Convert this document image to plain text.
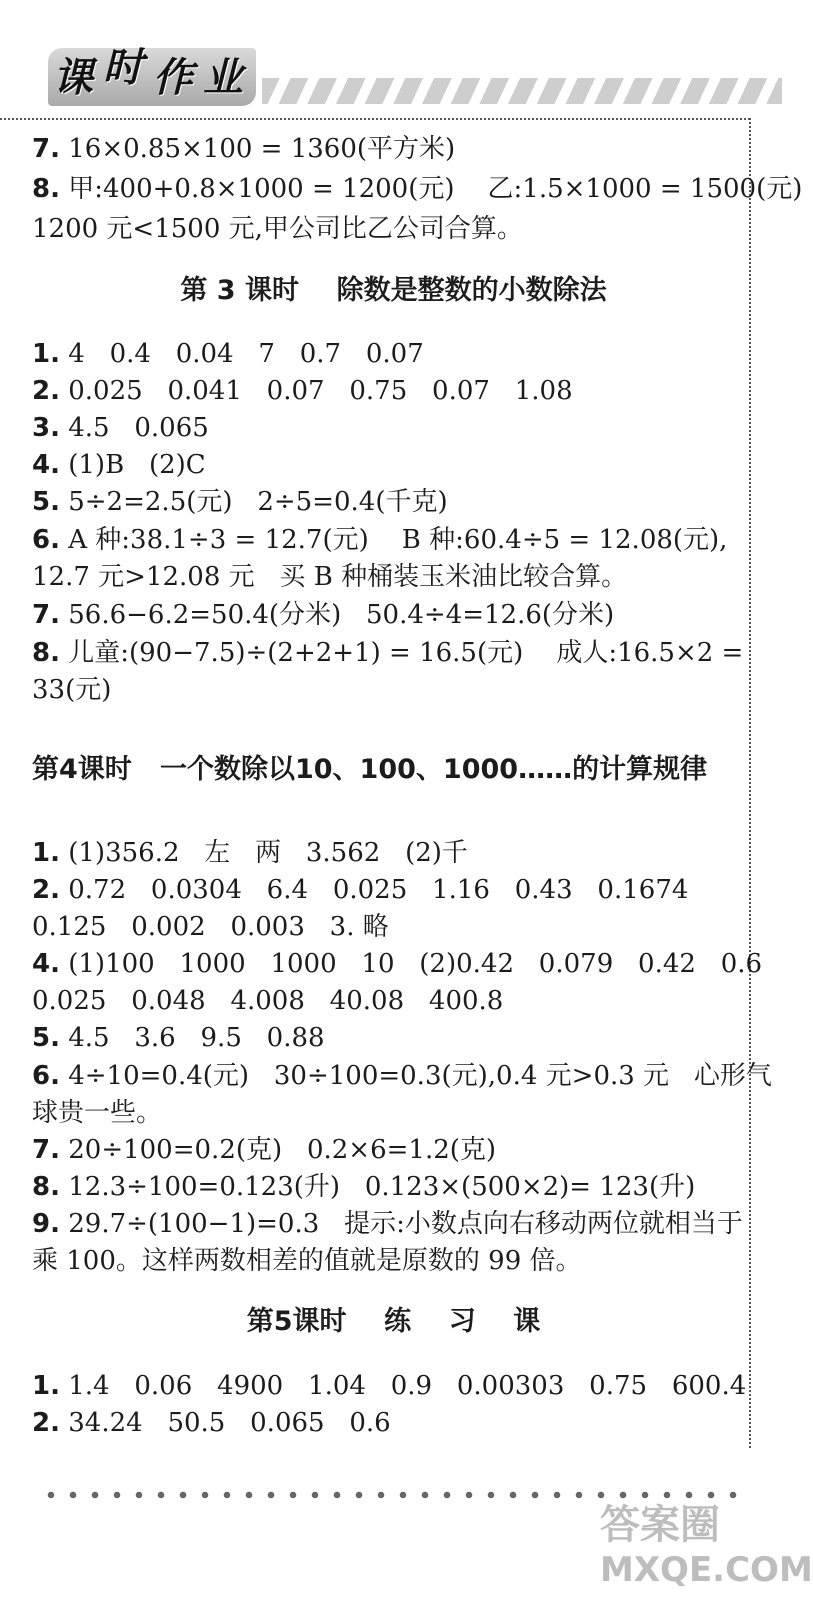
课 时 作 业
7. 16×0.85×100 = 1360(平方米)
8. 甲:400+0.8×1000 = 1200(元)    乙:1.5×1000 = 1500(元)
1200 元<1500 元,甲公司比乙公司合算。
第 3 课时    除数是整数的小数除法
1. 4   0.4   0.04   7   0.7   0.07
2. 0.025   0.041   0.07   0.75   0.07   1.08
3. 4.5   0.065
4. (1)B   (2)C
5. 5÷2=2.5(元)   2÷5=0.4(千克)
6. A 种:38.1÷3 = 12.7(元)    B 种:60.4÷5 = 12.08(元),
12.7 元>12.08 元   买 B 种桶装玉米油比较合算。
7. 56.6−6.2=50.4(分米)   50.4÷4=12.6(分米)
8. 儿童:(90−7.5)÷(2+2+1) = 16.5(元)    成人:16.5×2 =
33(元)
第4课时   一个数除以10、100、1000……的计算规律
1. (1)356.2   左   两   3.562   (2)千
2. 0.72   0.0304   6.4   0.025   1.16   0.43   0.1674
0.125   0.002   0.003   3. 略
4. (1)100   1000   1000   10   (2)0.42   0.079   0.42   0.6
0.025   0.048   4.008   40.08   400.8
5. 4.5   3.6   9.5   0.88
6. 4÷10=0.4(元)   30÷100=0.3(元),0.4 元>0.3 元   心形气
球贵一些。
7. 20÷100=0.2(克)   0.2×6=1.2(克)
8. 12.3÷100=0.123(升)   0.123×(500×2)= 123(升)
9. 29.7÷(100−1)=0.3   提示:小数点向右移动两位就相当于
乘 100。这样两数相差的值就是原数的 99 倍。
第5课时    练    习    课
1. 1.4   0.06   4900   1.04   0.9   0.00303   0.75   600.4
2. 34.24   50.5   0.065   0.6
答案圈
MXQE.COM
